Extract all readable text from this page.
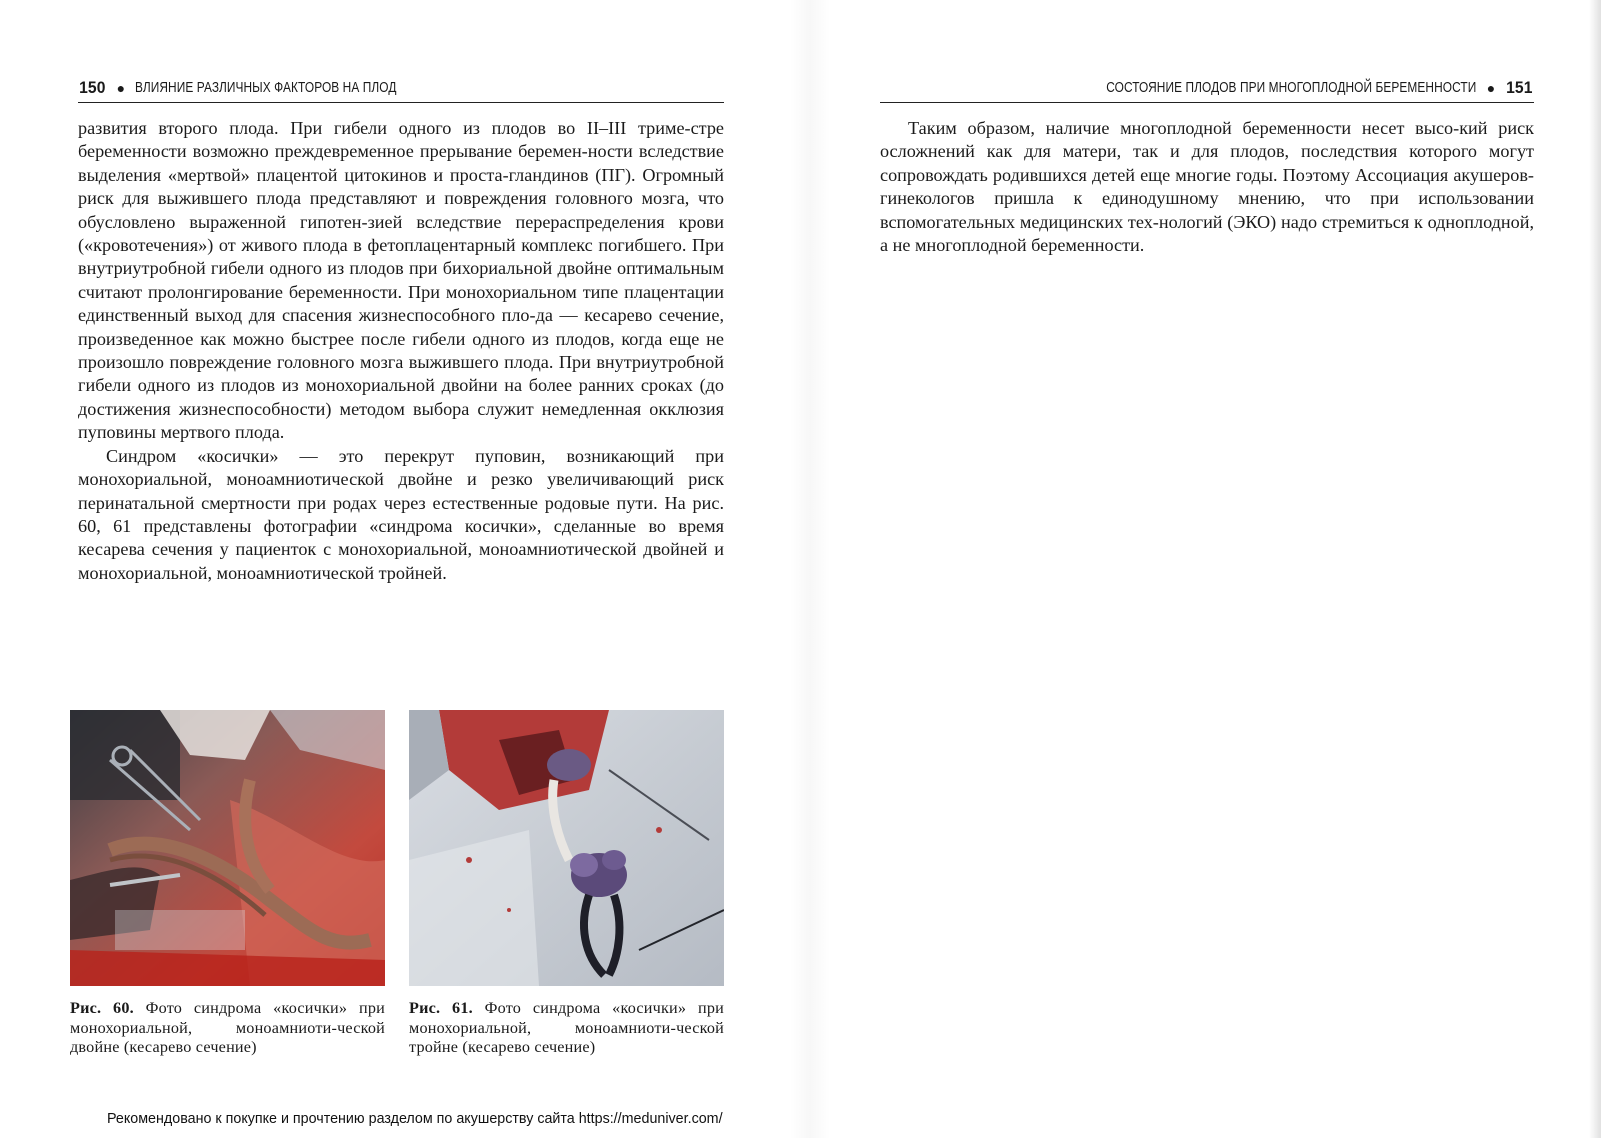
150 ● ВЛИЯНИЕ РАЗЛИЧНЫХ ФАКТОРОВ НА ПЛОД

развития второго плода. При гибели одного из плодов во II–III триме-стре беременности возможно преждевременное прерывание беремен-ности вследствие выделения «мертвой» плацентой цитокинов и проста-гландинов (ПГ). Огромный риск для выжившего плода представляют и повреждения головного мозга, что обусловлено выраженной гипотен-зией вследствие перераспределения крови («кровотечения») от живого плода в фетоплацентарный комплекс погибшего. При внутриутробной гибели одного из плодов при бихориальной двойне оптимальным считают пролонгирование беременности. При монохориальном типе плацентации единственный выход для спасения жизнеспособного пло-да — кесарево сечение, произведенное как можно быстрее после гибели одного из плодов, когда еще не произошло повреждение головного мозга выжившего плода. При внутриутробной гибели одного из плодов из монохориальной двойни на более ранних сроках (до достижения жизнеспособности) методом выбора служит немедленная окклюзия пуповины мертвого плода.

Синдром «косички» — это перекрут пуповин, возникающий при монохориальной, моноамниотической двойне и резко увеличивающий риск перинатальной смертности при родах через естественные родовые пути. На рис. 60, 61 представлены фотографии «синдрома косички», сделанные во время кесарева сечения у пациенток с монохориальной, моноамниотической двойней и монохориальной, моноамниотической тройней.

Рис. 60. Фото синдрома «косички» при монохориальной, моноамниоти-ческой двойне (кесарево сечение)
Рис. 61. Фото синдрома «косички» при монохориальной, моноамниоти-ческой тройне (кесарево сечение)
СОСТОЯНИЕ ПЛОДОВ ПРИ МНОГОПЛОДНОЙ БЕРЕМЕННОСТИ ● 151

Таким образом, наличие многоплодной беременности несет высо-кий риск осложнений как для матери, так и для плодов, последствия которого могут сопровождать родившихся детей еще многие годы. Поэтому Ассоциация акушеров-гинекологов пришла к единодушному мнению, что при использовании вспомогательных медицинских тех-нологий (ЭКО) надо стремиться к одноплодной, а не многоплодной беременности.

Рекомендовано к покупке и прочтению разделом по акушерству сайта https://meduniver.com/
